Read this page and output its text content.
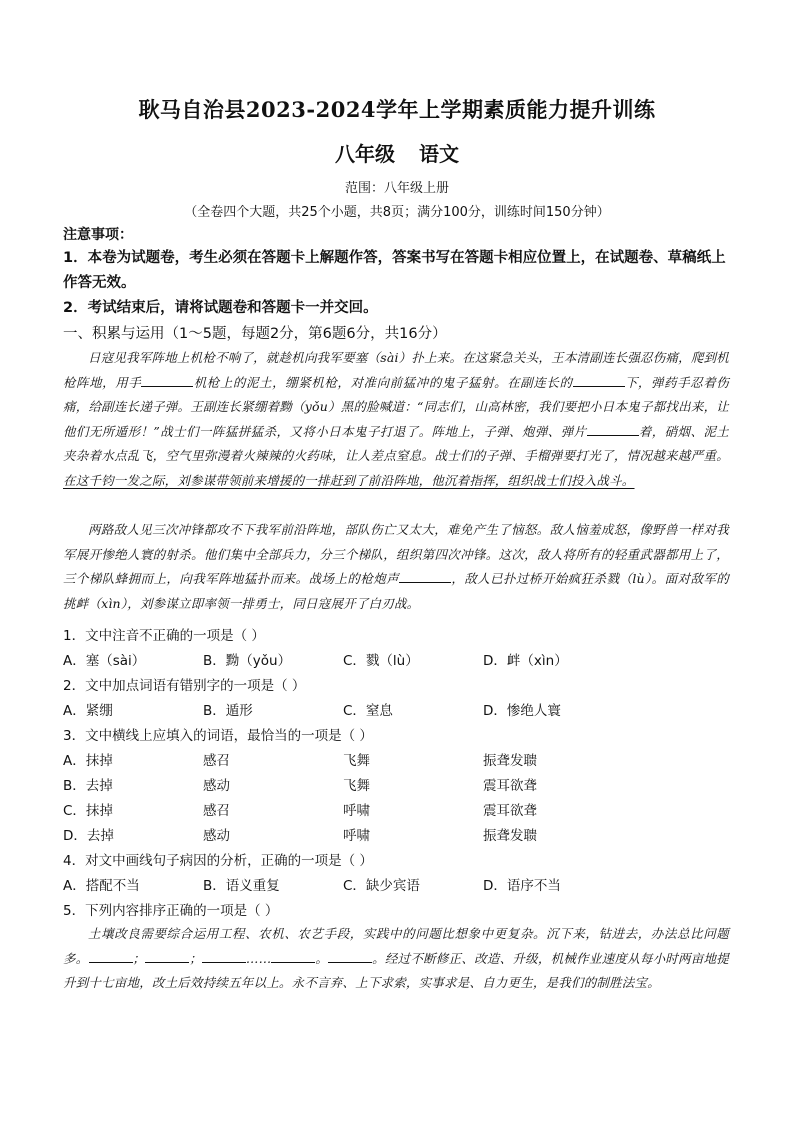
耿马自治县2023-2024学年上学期素质能力提升训练
八年级 语文
范围：八年级上册
（全卷四个大题，共25个小题，共8页；满分100分，训练时间150分钟）
注意事项：
1．本卷为试题卷，考生必须在答题卡上解题作答，答案书写在答题卡相应位置上，在试题卷、草稿纸上作答无效。
2．考试结束后，请将试题卷和答题卡一并交回。
一、积累与运用（1～5题，每题2分，第6题6分，共16分）
日寇见我军阵地上机枪不响了，就趁机向我军要塞（sài）扑上来。在这紧急关头，王本清副连长强忍伤痛，爬到机枪阵地，用手	机枪上的泥土，绷紧机枪，对准向前猛冲的鬼子猛射。在副连长的	下，弹药手忍着伤痛，给副连长递子弹。王副连长紧绷着黝（yǒu）黑的脸喊道：“同志们，山高林密，我们要把小日本鬼子都找出来，让他们无所遁形！”战士们一阵猛拼猛杀，又将小日本鬼子打退了。阵地上，子弹、炮弹、弹片	着，硝烟、泥土夹杂着水点乱飞，空气里弥漫着火辣辣的火药味，让人差点窒息。战士们的子弹、手榴弹要打光了，情况越来越严重。在这千钧一发之际，刘参谋带领前来增援的一排赶到了前沿阵地，他沉着指挥，组织战士们投入战斗。
两路敌人见三次冲锋都攻不下我军前沿阵地，部队伤亡又太大，难免产生了恼怒。敌人恼羞成怒，像野兽一样对我军展开惨绝人寰的射杀。他们集中全部兵力，分三个梯队，组织第四次冲锋。这次，敌人将所有的轻重武器都用上了，三个梯队蜂拥而上，向我军阵地猛扑而来。战场上的枪炮声	，敌人已扑过桥开始疯狂杀戮（lù）。面对敌军的挑衅（xìn），刘参谋立即率领一排勇士，同日寇展开了白刃战。
1．文中注音不正确的一项是（ ）
A．塞（sài）	B．黝（yǒu）	C．戮（lù）	D．衅（xìn）
2．文中加点词语有错别字的一项是（ ）
A．紧绷	B．遁形	C．窒息	D．惨绝人寰
3．文中横线上应填入的词语，最恰当的一项是（ ）
A．抹掉	感召	飞舞	振聋发聩
B．去掉	感动	飞舞	震耳欲聋
C．抹掉	感召	呼啸	震耳欲聋
D．去掉	感动	呼啸	振聋发聩
4．对文中画线句子病因的分析，正确的一项是（ ）
A．搭配不当	B．语义重复	C．缺少宾语	D．语序不当
5．下列内容排序正确的一项是（ ）
土壤改良需要综合运用工程、农机、农艺手段，实践中的问题比想象中更复杂。沉下来，钻进去，办法总比问题多。	；	；	……	。	。经过不断修正、改造、升级，机械作业速度从每小时两亩地提升到十七亩地，改土后效持续五年以上。永不言弃、上下求索，实事求是、自力更生，是我们的制胜法宝。
